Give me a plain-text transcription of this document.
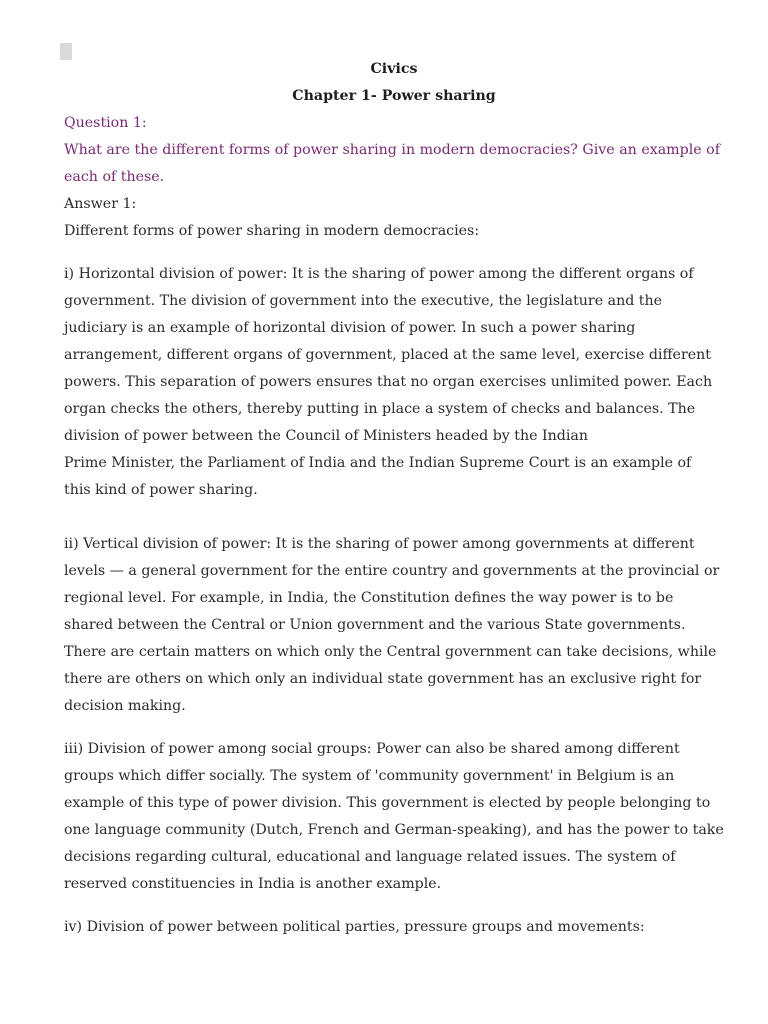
Civics
Chapter 1- Power sharing

Question 1:

What are the different forms of power sharing in modern democracies? Give an example of each of these.

Answer 1:

Different forms of power sharing in modern democracies:

i) Horizontal division of power: It is the sharing of power among the different organs of government. The division of government into the executive, the legislature and the judiciary is an example of horizontal division of power. In such a power sharing arrangement, different organs of government, placed at the same level, exercise different powers. This separation of powers ensures that no organ exercises unlimited power. Each organ checks the others, thereby putting in place a system of checks and balances. The division of power between the Council of Ministers headed by the Indian

Prime Minister, the Parliament of India and the Indian Supreme Court is an example of

this kind of power sharing.

ii) Vertical division of power: It is the sharing of power among governments at different levels — a general government for the entire country and governments at the provincial or regional level. For example, in India, the Constitution defines the way power is to be shared between the Central or Union government and the various State governments.

There are certain matters on which only the Central government can take decisions, while there are others on which only an individual state government has an exclusive right for decision making.

iii) Division of power among social groups: Power can also be shared among different groups which differ socially. The system of 'community government' in Belgium is an example of this type of power division. This government is elected by people belonging to one language community (Dutch, French and German-speaking), and has the power to take decisions regarding cultural, educational and language related issues. The system of reserved constituencies in India is another example.

iv) Division of power between political parties, pressure groups and movements:
